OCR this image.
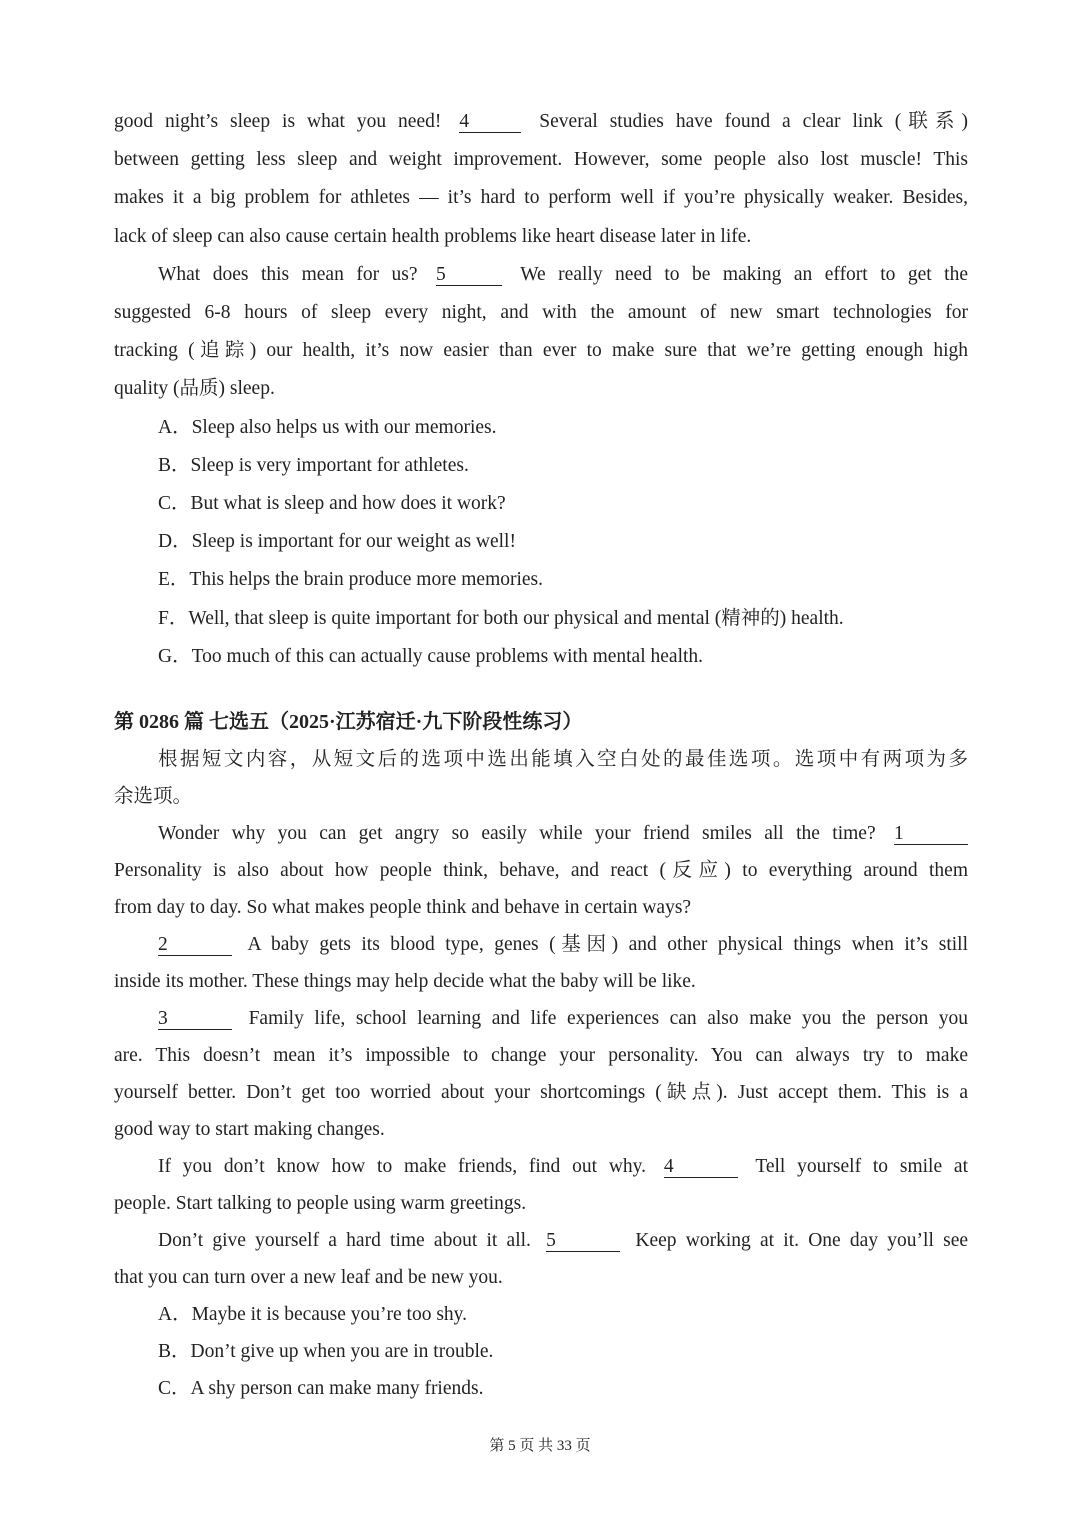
good night’s sleep is what you need! 4	Several studies have found a clear link (联系)
between getting less sleep and weight improvement. However, some people also lost muscle! This
makes it a big problem for athletes — it’s hard to perform well if you’re physically weaker. Besides,
lack of sleep can also cause certain health problems like heart disease later in life.
What does this mean for us? 5	We really need to be making an effort to get the
suggested 6-8 hours of sleep every night, and with the amount of new smart technologies for
tracking (追踪) our health, it’s now easier than ever to make sure that we’re getting enough high
quality (品质) sleep.
A．Sleep also helps us with our memories.
B．Sleep is very important for athletes.
C．But what is sleep and how does it work?
D．Sleep is important for our weight as well!
E．This helps the brain produce more memories.
F．Well, that sleep is quite important for both our physical and mental (精神的) health.
G．Too much of this can actually cause problems with mental health.
第 0286 篇 七选五（2025·江苏宿迁·九下阶段性练习）
根据短文内容，从短文后的选项中选出能填入空白处的最佳选项。选项中有两项为多
余选项。
Wonder why you can get angry so easily while your friend smiles all the time? 1
Personality is also about how people think, behave, and react (反应) to everything around them
from day to day. So what makes people think and behave in certain ways?
2	A baby gets its blood type, genes (基因) and other physical things when it’s still
inside its mother. These things may help decide what the baby will be like.
3	Family life, school learning and life experiences can also make you the person you
are. This doesn’t mean it’s impossible to change your personality. You can always try to make
yourself better. Don’t get too worried about your shortcomings (缺点). Just accept them. This is a
good way to start making changes.
If you don’t know how to make friends, find out why. 4	Tell yourself to smile at
people. Start talking to people using warm greetings.
Don’t give yourself a hard time about it all. 5	Keep working at it. One day you’ll see
that you can turn over a new leaf and be new you.
A．Maybe it is because you’re too shy.
B．Don’t give up when you are in trouble.
C．A shy person can make many friends.
第 5 页 共 33 页
